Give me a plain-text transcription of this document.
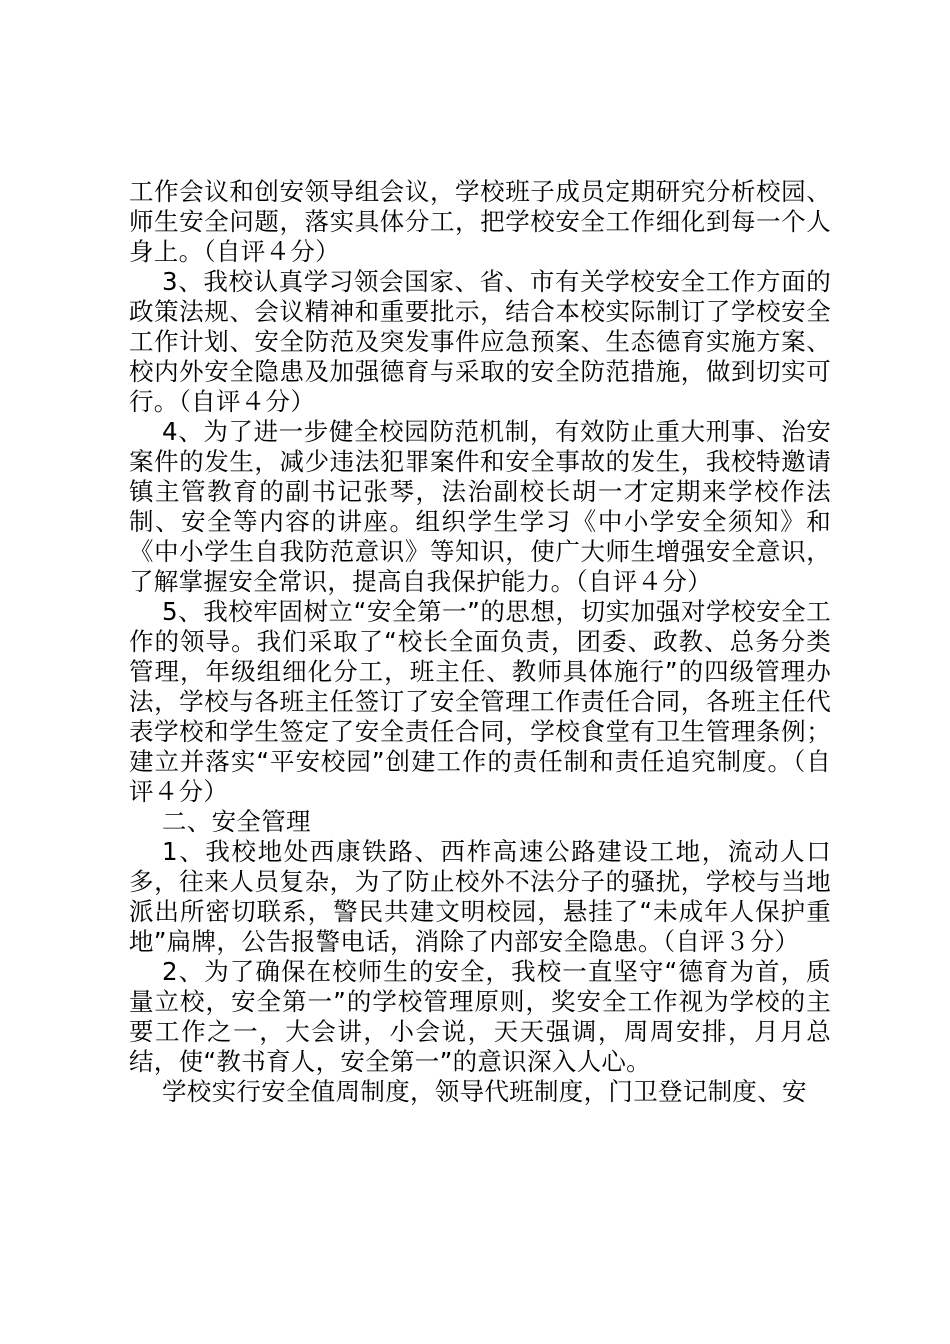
工作会议和创安领导组会议，学校班子成员定期研究分析校园、师生安全问题，落实具体分工，把学校安全工作细化到每一个人身上。（自评４分）

3、我校认真学习领会国家、省、市有关学校安全工作方面的政策法规、会议精神和重要批示，结合本校实际制订了学校安全工作计划、安全防范及突发事件应急预案、生态德育实施方案、校内外安全隐患及加强德育与采取的安全防范措施，做到切实可行。（自评４分）

4、为了进一步健全校园防范机制，有效防止重大刑事、治安案件的发生，减少违法犯罪案件和安全事故的发生，我校特邀请镇主管教育的副书记张琴，法治副校长胡一才定期来学校作法制、安全等内容的讲座。组织学生学习《中小学安全须知》和《中小学生自我防范意识》等知识，使广大师生增强安全意识，了解掌握安全常识，提高自我保护能力。（自评４分）

5、我校牢固树立“安全第一”的思想，切实加强对学校安全工作的领导。我们采取了“校长全面负责，团委、政教、总务分类管理，年级组细化分工，班主任、教师具体施行”的四级管理办法，学校与各班主任签订了安全管理工作责任合同，各班主任代表学校和学生签定了安全责任合同，学校食堂有卫生管理条例；建立并落实“平安校园”创建工作的责任制和责任追究制度。（自评４分）

二、安全管理

1、我校地处西康铁路、西柞高速公路建设工地，流动人口多，往来人员复杂，为了防止校外不法分子的骚扰，学校与当地派出所密切联系，警民共建文明校园，悬挂了“未成年人保护重地”扁牌，公告报警电话，消除了内部安全隐患。（自评３分）

2、为了确保在校师生的安全，我校一直坚守“德育为首，质量立校，安全第一”的学校管理原则，奖安全工作视为学校的主要工作之一，大会讲，小会说，天天强调，周周安排，月月总结，使“教书育人，安全第一”的意识深入人心。

学校实行安全值周制度，领导代班制度，门卫登记制度、安
